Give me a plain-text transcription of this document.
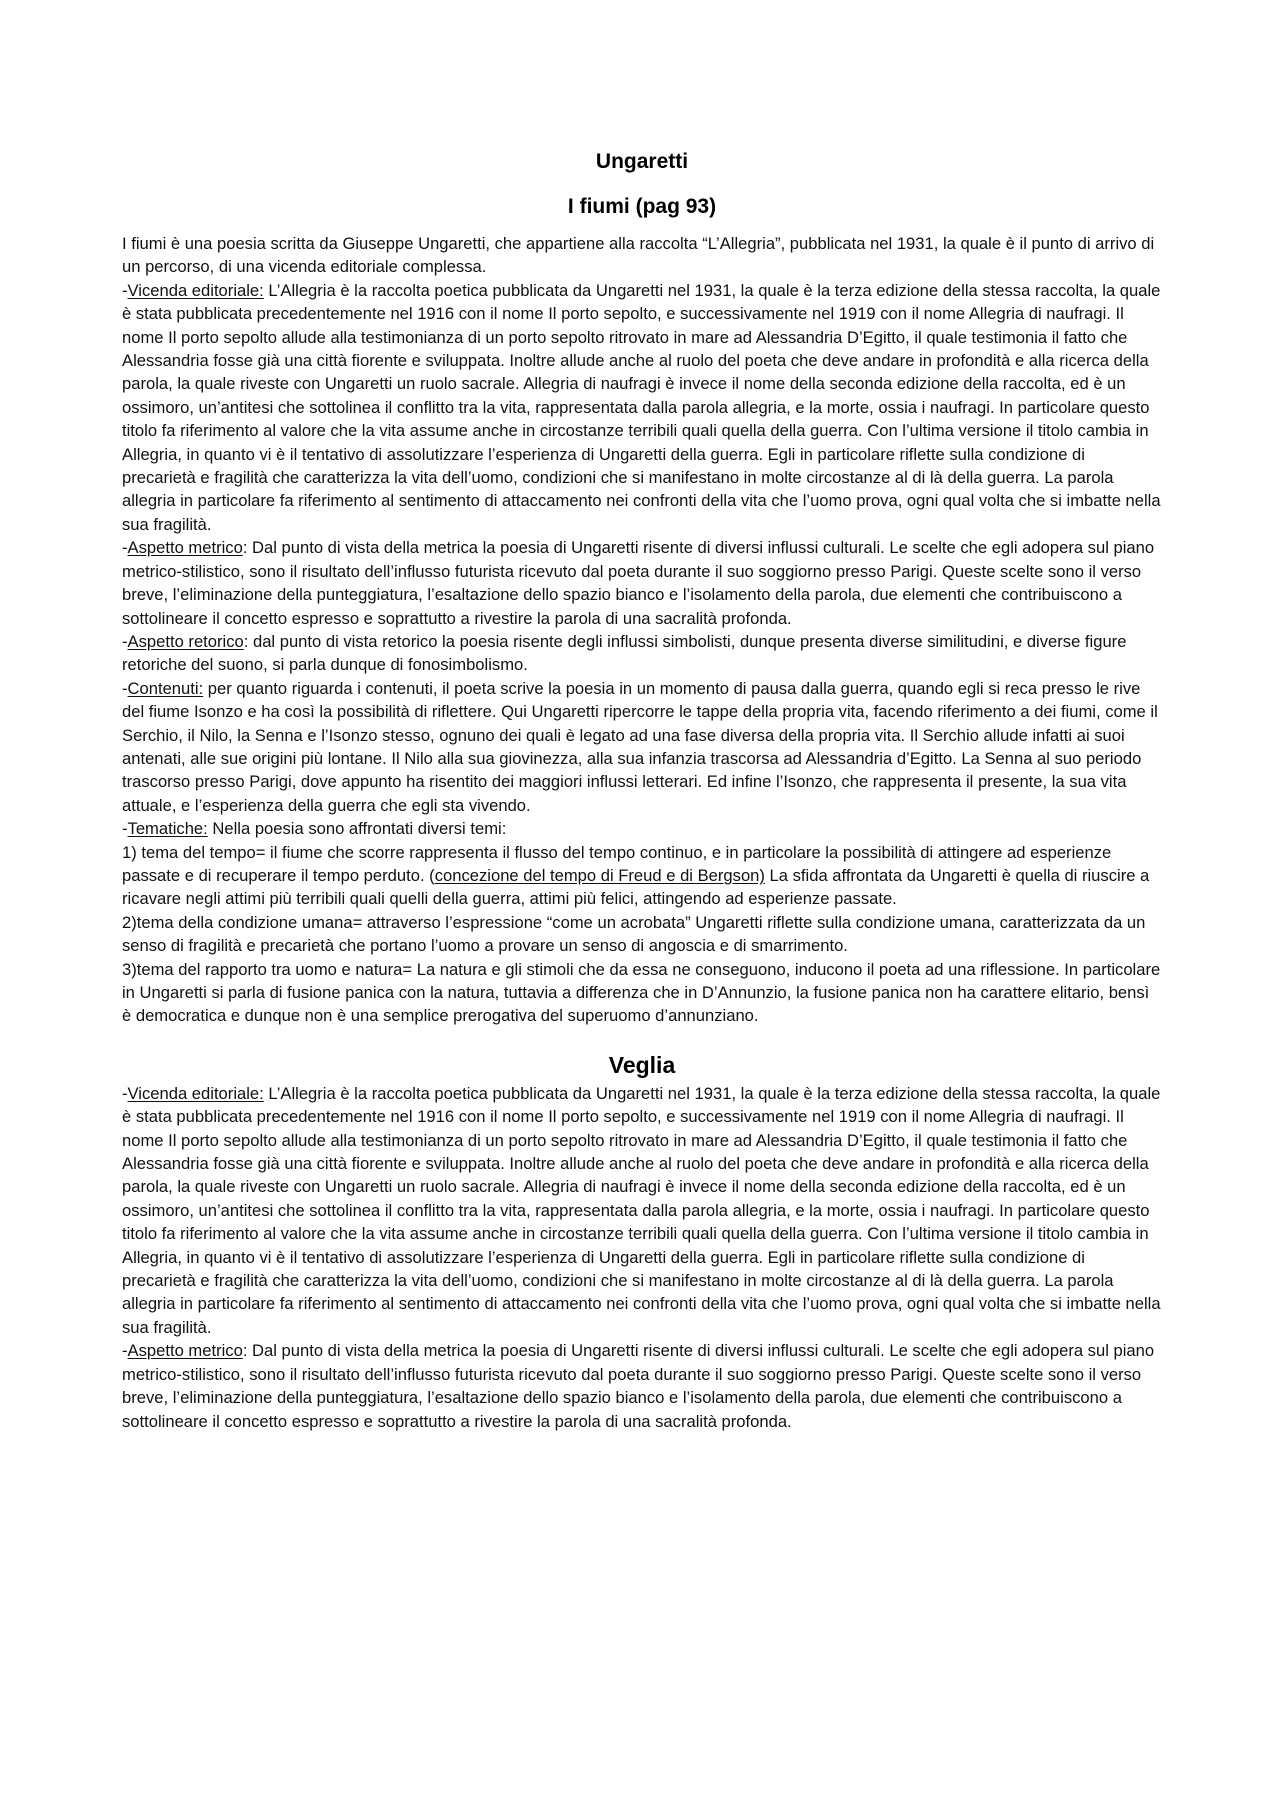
Ungaretti
I fiumi (pag 93)

I fiumi è una poesia scritta da Giuseppe Ungaretti, che appartiene alla raccolta “L’Allegria”, pubblicata nel 1931, la quale è il punto di arrivo di un percorso, di una vicenda editoriale complessa.

-Vicenda editoriale: L’Allegria è la raccolta poetica pubblicata da Ungaretti nel 1931, la quale è la terza edizione della stessa raccolta, la quale è stata pubblicata precedentemente nel 1916 con il nome Il porto sepolto, e successivamente nel 1919 con il nome Allegria di naufragi. Il nome Il porto sepolto allude alla testimonianza di un porto sepolto ritrovato in mare ad Alessandria D’Egitto, il quale testimonia il fatto che Alessandria fosse già una città fiorente e sviluppata. Inoltre allude anche al ruolo del poeta che deve andare in profondità e alla ricerca della parola, la quale riveste con Ungaretti un ruolo sacrale. Allegria di naufragi è invece il nome della seconda edizione della raccolta, ed è un ossimoro, un’antitesi che sottolinea il conflitto tra la vita, rappresentata dalla parola allegria, e la morte, ossia i naufragi. In particolare questo titolo fa riferimento al valore che la vita assume anche in circostanze terribili quali quella della guerra. Con l’ultima versione il titolo cambia in Allegria, in quanto vi è il tentativo di assolutizzare l’esperienza di Ungaretti della guerra. Egli in particolare riflette sulla condizione di precarietà e fragilità che caratterizza la vita dell’uomo, condizioni che si manifestano in molte circostanze al di là della guerra. La parola allegria in particolare fa riferimento al sentimento di attaccamento nei confronti della vita che l’uomo prova, ogni qual volta che si imbatte nella sua fragilità.

-Aspetto metrico: Dal punto di vista della metrica la poesia di Ungaretti risente di diversi influssi culturali. Le scelte che egli adopera sul piano metrico-stilistico, sono il risultato dell’influsso futurista ricevuto dal poeta durante il suo soggiorno presso Parigi. Queste scelte sono il verso breve, l’eliminazione della punteggiatura, l’esaltazione dello spazio bianco e l’isolamento della parola, due elementi che contribuiscono a sottolineare il concetto espresso e soprattutto a rivestire la parola di una sacralità profonda.

-Aspetto retorico: dal punto di vista retorico la poesia risente degli influssi simbolisti, dunque presenta diverse similitudini, e diverse figure retoriche del suono, si parla dunque di fonosimbolismo.

-Contenuti: per quanto riguarda i contenuti, il poeta scrive la poesia in un momento di pausa dalla guerra, quando egli si reca presso le rive del fiume Isonzo e ha così la possibilità di riflettere. Qui Ungaretti ripercorre le tappe della propria vita, facendo riferimento a dei fiumi, come il Serchio, il Nilo, la Senna e l’Isonzo stesso, ognuno dei quali è legato ad una fase diversa della propria vita. Il Serchio allude infatti ai suoi antenati, alle sue origini più lontane. Il Nilo alla sua giovinezza, alla sua infanzia trascorsa ad Alessandria d’Egitto. La Senna al suo periodo trascorso presso Parigi, dove appunto ha risentito dei maggiori influssi letterari. Ed infine l’Isonzo, che rappresenta il presente, la sua vita attuale, e l’esperienza della guerra che egli sta vivendo.

-Tematiche: Nella poesia sono affrontati diversi temi:

1) tema del tempo= il fiume che scorre rappresenta il flusso del tempo continuo, e in particolare la possibilità di attingere ad esperienze passate e di recuperare il tempo perduto. (concezione del tempo di Freud e di Bergson) La sfida affrontata da Ungaretti è quella di riuscire a ricavare negli attimi più terribili quali quelli della guerra, attimi più felici, attingendo ad esperienze passate.

2)tema della condizione umana= attraverso l’espressione “come un acrobata” Ungaretti riflette sulla condizione umana, caratterizzata da un senso di fragilità e precarietà che portano l’uomo a provare un senso di angoscia e di smarrimento.

3)tema del rapporto tra uomo e natura= La natura e gli stimoli che da essa ne conseguono, inducono il poeta ad una riflessione. In particolare in Ungaretti si parla di fusione panica con la natura, tuttavia a differenza che in D’Annunzio, la fusione panica non ha carattere elitario, bensì è democratica e dunque non è una semplice prerogativa del superuomo d’annunziano.

Veglia

-Vicenda editoriale: L’Allegria è la raccolta poetica pubblicata da Ungaretti nel 1931, la quale è la terza edizione della stessa raccolta, la quale è stata pubblicata precedentemente nel 1916 con il nome Il porto sepolto, e successivamente nel 1919 con il nome Allegria di naufragi. Il nome Il porto sepolto allude alla testimonianza di un porto sepolto ritrovato in mare ad Alessandria D’Egitto, il quale testimonia il fatto che Alessandria fosse già una città fiorente e sviluppata. Inoltre allude anche al ruolo del poeta che deve andare in profondità e alla ricerca della parola, la quale riveste con Ungaretti un ruolo sacrale. Allegria di naufragi è invece il nome della seconda edizione della raccolta, ed è un ossimoro, un’antitesi che sottolinea il conflitto tra la vita, rappresentata dalla parola allegria, e la morte, ossia i naufragi. In particolare questo titolo fa riferimento al valore che la vita assume anche in circostanze terribili quali quella della guerra. Con l’ultima versione il titolo cambia in Allegria, in quanto vi è il tentativo di assolutizzare l’esperienza di Ungaretti della guerra. Egli in particolare riflette sulla condizione di precarietà e fragilità che caratterizza la vita dell’uomo, condizioni che si manifestano in molte circostanze al di là della guerra. La parola allegria in particolare fa riferimento al sentimento di attaccamento nei confronti della vita che l’uomo prova, ogni qual volta che si imbatte nella sua fragilità.

-Aspetto metrico: Dal punto di vista della metrica la poesia di Ungaretti risente di diversi influssi culturali. Le scelte che egli adopera sul piano metrico-stilistico, sono il risultato dell’influsso futurista ricevuto dal poeta durante il suo soggiorno presso Parigi. Queste scelte sono il verso breve, l’eliminazione della punteggiatura, l’esaltazione dello spazio bianco e l’isolamento della parola, due elementi che contribuiscono a sottolineare il concetto espresso e soprattutto a rivestire la parola di una sacralità profonda.
